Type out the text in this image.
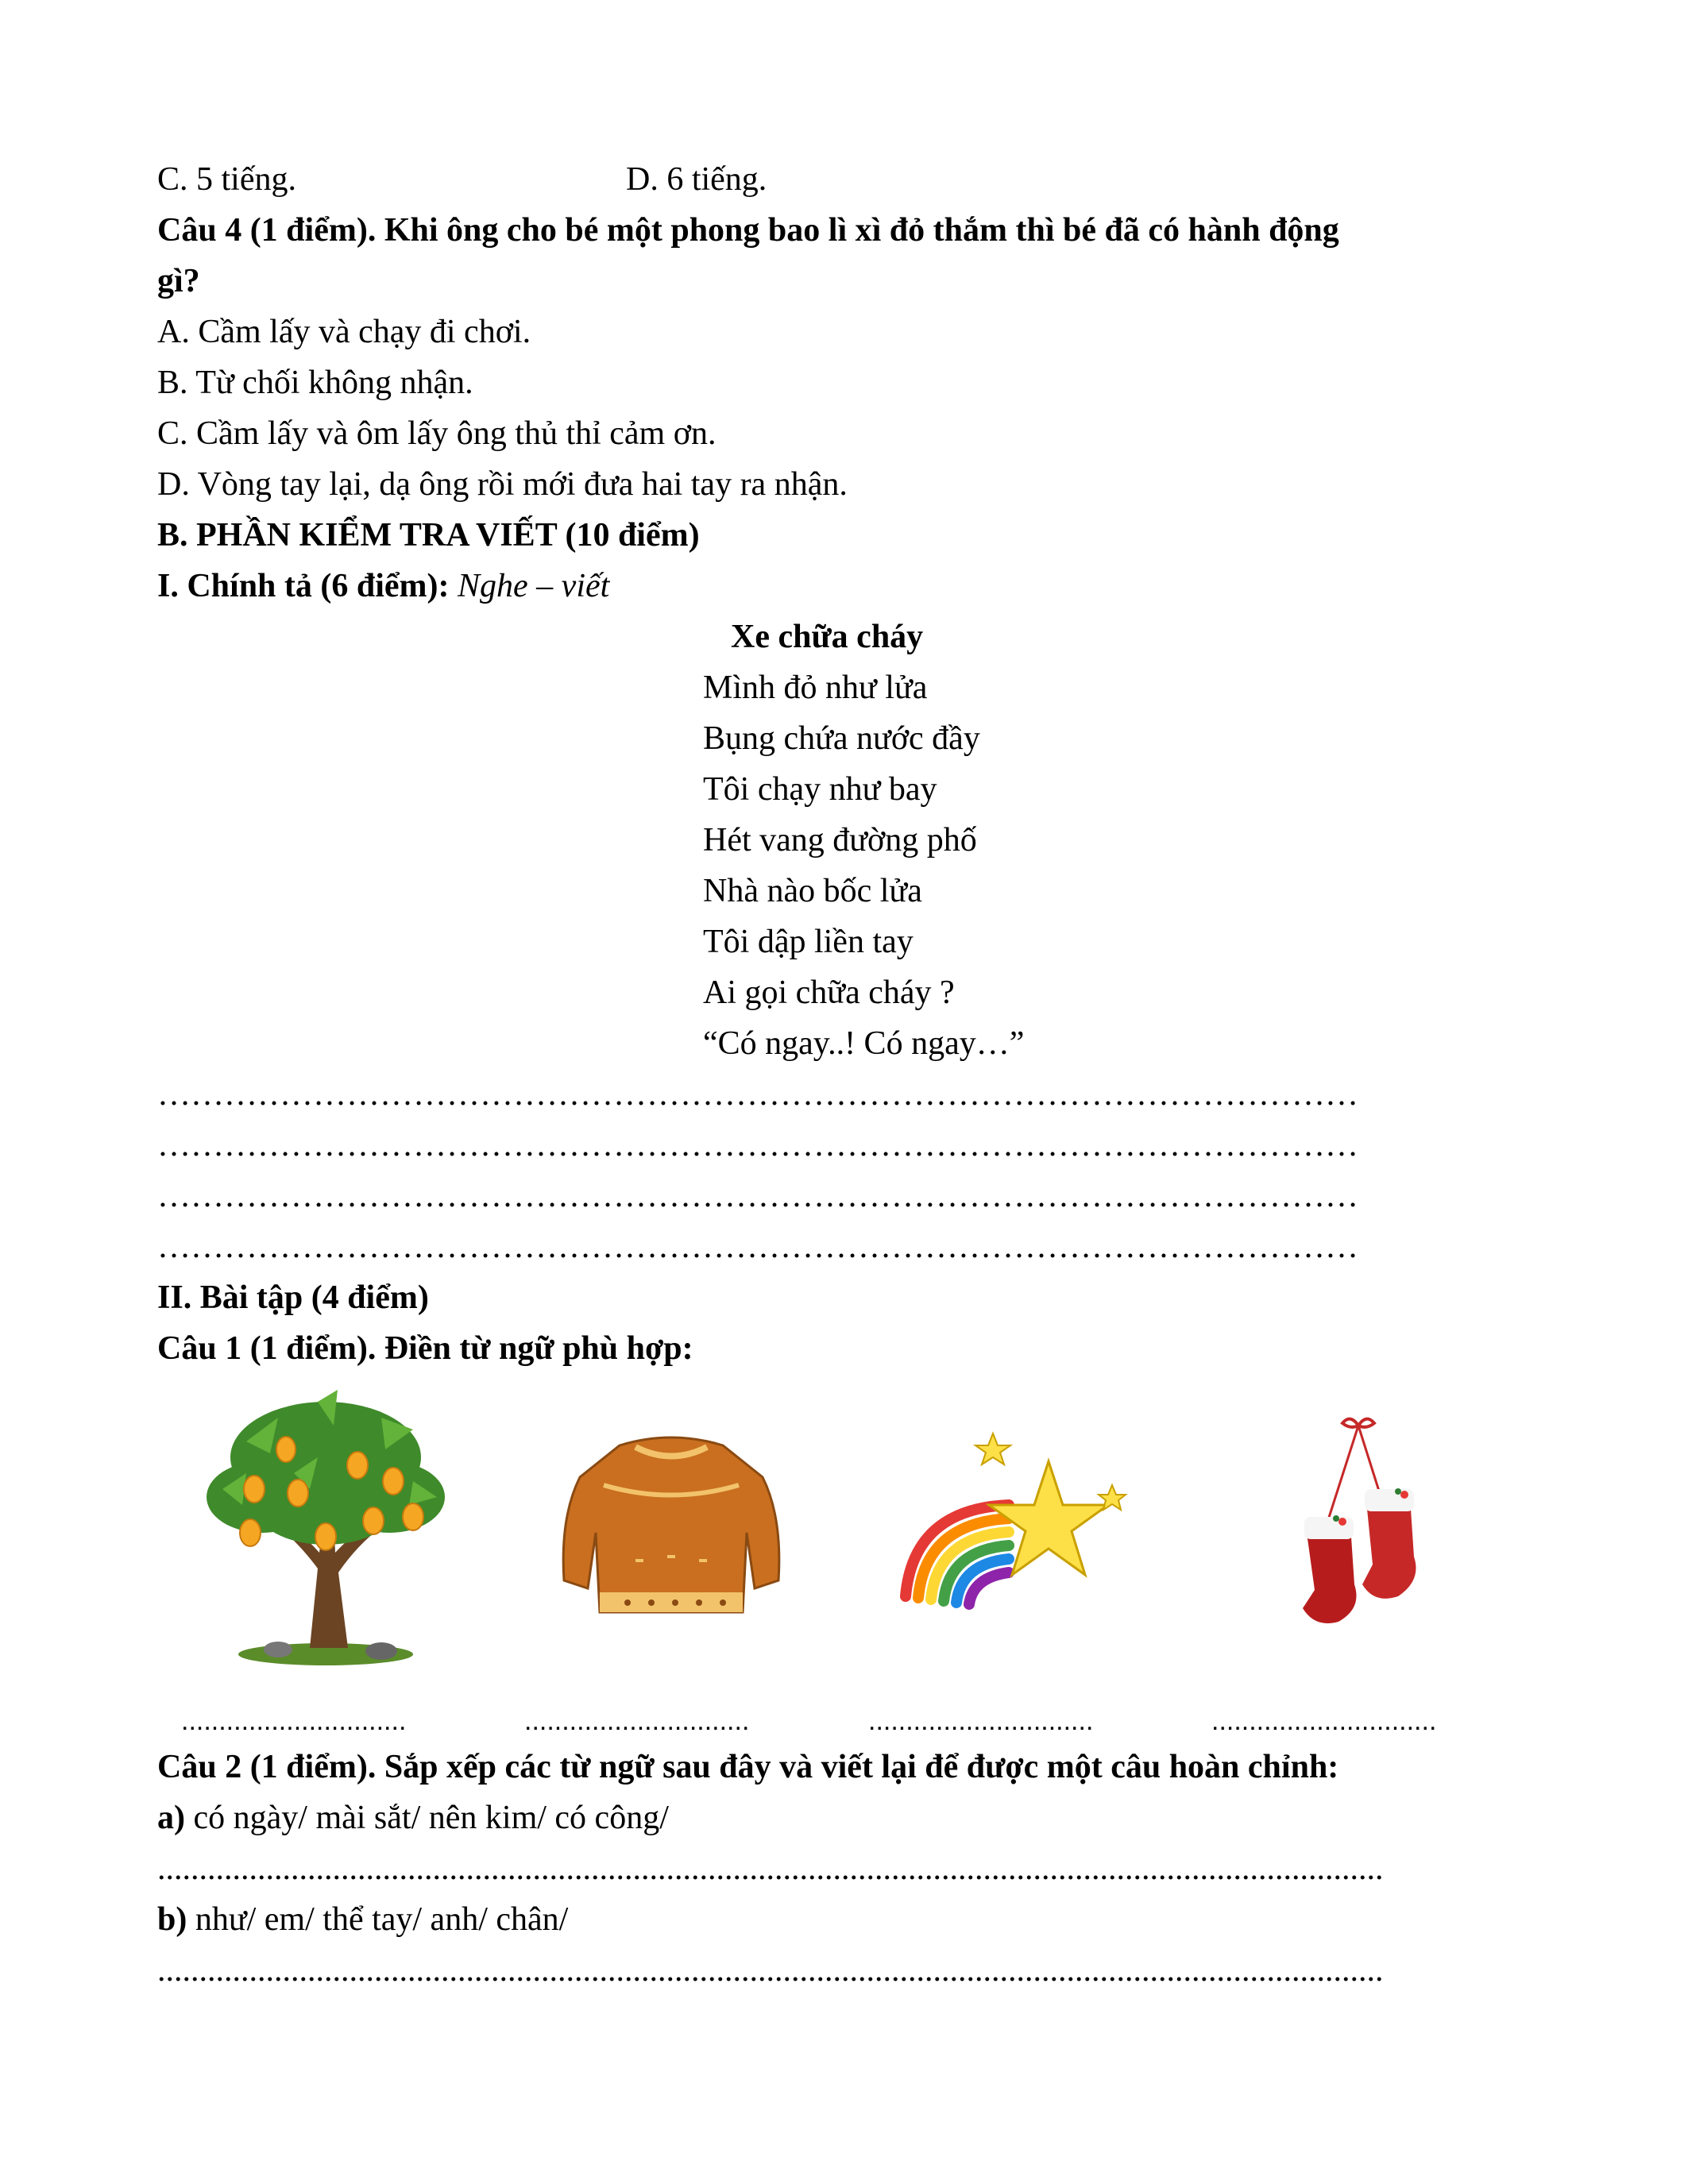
C. 5 tiếng.	D. 6 tiếng.
Câu 4 (1 điểm). Khi ông cho bé một phong bao lì xì đỏ thắm thì bé đã có hành động
gì?
A. Cầm lấy và chạy đi chơi.
B. Từ chối không nhận.
C. Cầm lấy và ôm lấy ông thủ thỉ cảm ơn.
D. Vòng tay lại, dạ ông rồi mới đưa hai tay ra nhận.
B. PHẦN KIỂM TRA VIẾT (10 điểm)
I. Chính tả (6 điểm): Nghe – viết
Xe chữa cháy
Mình đỏ như lửa
Bụng chứa nước đầy
Tôi chạy như bay
Hét vang đường phố
Nhà nào bốc lửa
Tôi dập liền tay
Ai gọi chữa cháy ?
“Có ngay..! Có ngay…”
………………………………………………………………………………………………
………………………………………………………………………………………………
………………………………………………………………………………………………
………………………………………………………………………………………………
II. Bài tập (4 điểm)
Câu 1 (1 điểm). Điền từ ngữ phù hợp:
..............................	..............................	..............................	..............................
Câu 2 (1 điểm). Sắp xếp các từ ngữ sau đây và viết lại để được một câu hoàn chỉnh:
a) có ngày/ mài sắt/ nên kim/ có công/
...................................................................................................................................................
b) như/ em/ thể tay/ anh/ chân/
...................................................................................................................................................
